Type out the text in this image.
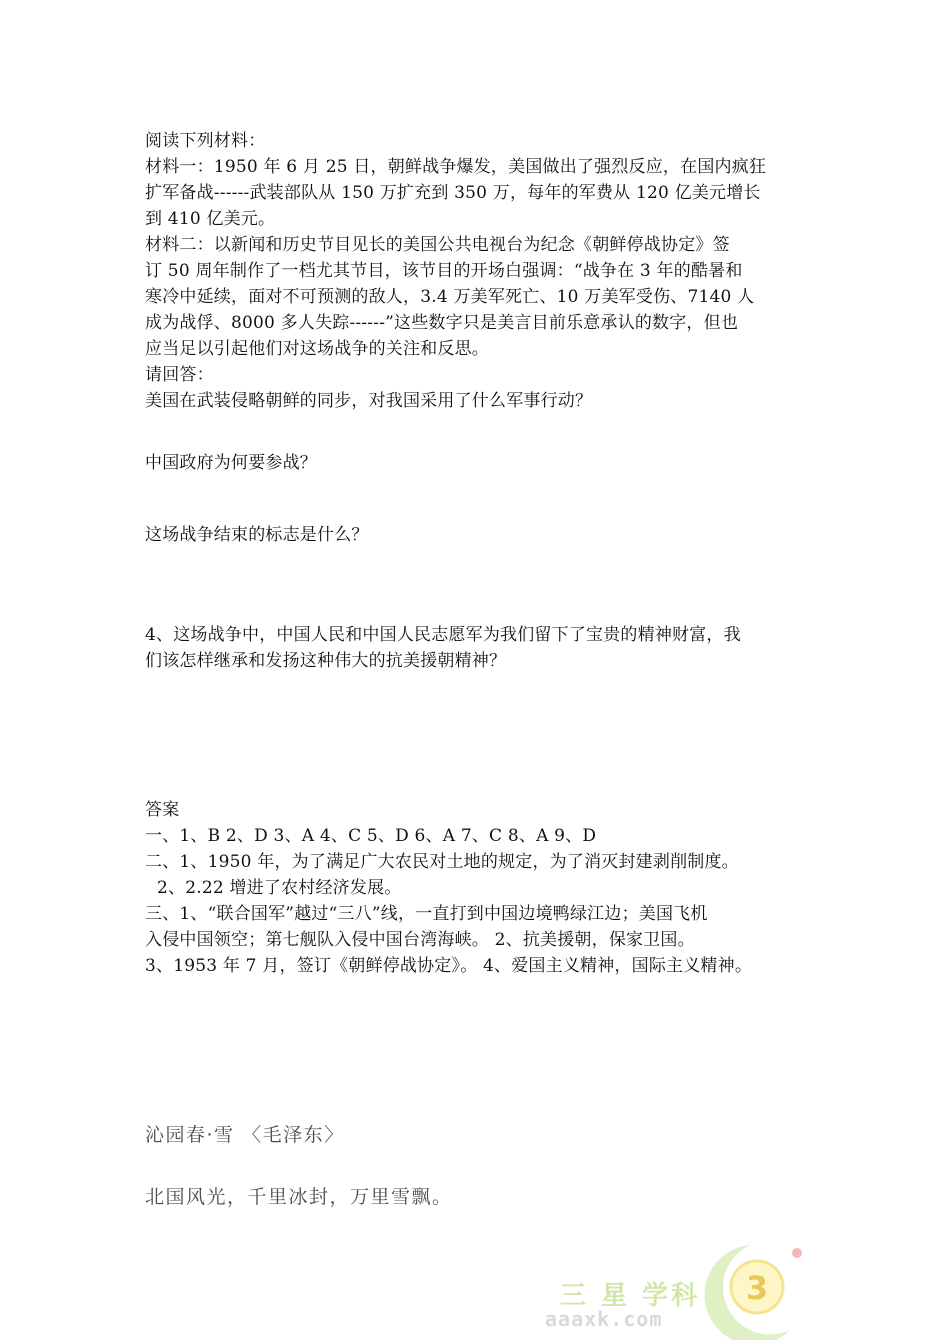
阅读下列材料：

材料一：1950 年 6 月 25 日，朝鲜战争爆发，美国做出了强烈反应，在国内疯狂

扩军备战------武装部队从 150 万扩充到 350 万，每年的军费从 120 亿美元增长

到 410 亿美元。

材料二：以新闻和历史节目见长的美国公共电视台为纪念《朝鲜停战协定》签

订 50 周年制作了一档尤其节目，该节目的开场白强调：“战争在 3 年的酷暑和

寒冷中延续，面对不可预测的敌人，3.4 万美军死亡、10 万美军受伤、7140 人

成为战俘、8000 多人失踪------”这些数字只是美言目前乐意承认的数字，但也

应当足以引起他们对这场战争的关注和反思。

请回答：

美国在武装侵略朝鲜的同步，对我国采用了什么军事行动？

中国政府为何要参战？

这场战争结束的标志是什么？

4、这场战争中，中国人民和中国人民志愿军为我们留下了宝贵的精神财富，我

们该怎样继承和发扬这种伟大的抗美援朝精神？

答案

一、1、B 2、D 3、A 4、C 5、D 6、A 7、C 8、A 9、D

二、1、1950 年，为了满足广大农民对土地的规定，为了消灭封建剥削制度。

2、2.22 增进了农村经济发展。

三、1、“联合国军”越过“三八”线，一直打到中国边境鸭绿江边；美国飞机

入侵中国领空；第七舰队入侵中国台湾海峡。 2、抗美援朝，保家卫国。

3、1953 年 7 月，签订《朝鲜停战协定》。 4、爱国主义精神，国际主义精神。

沁园春·雪 〈毛泽东〉
北国风光，千里冰封，万里雪飘。
3
三 星 学科
aaaxk.com
